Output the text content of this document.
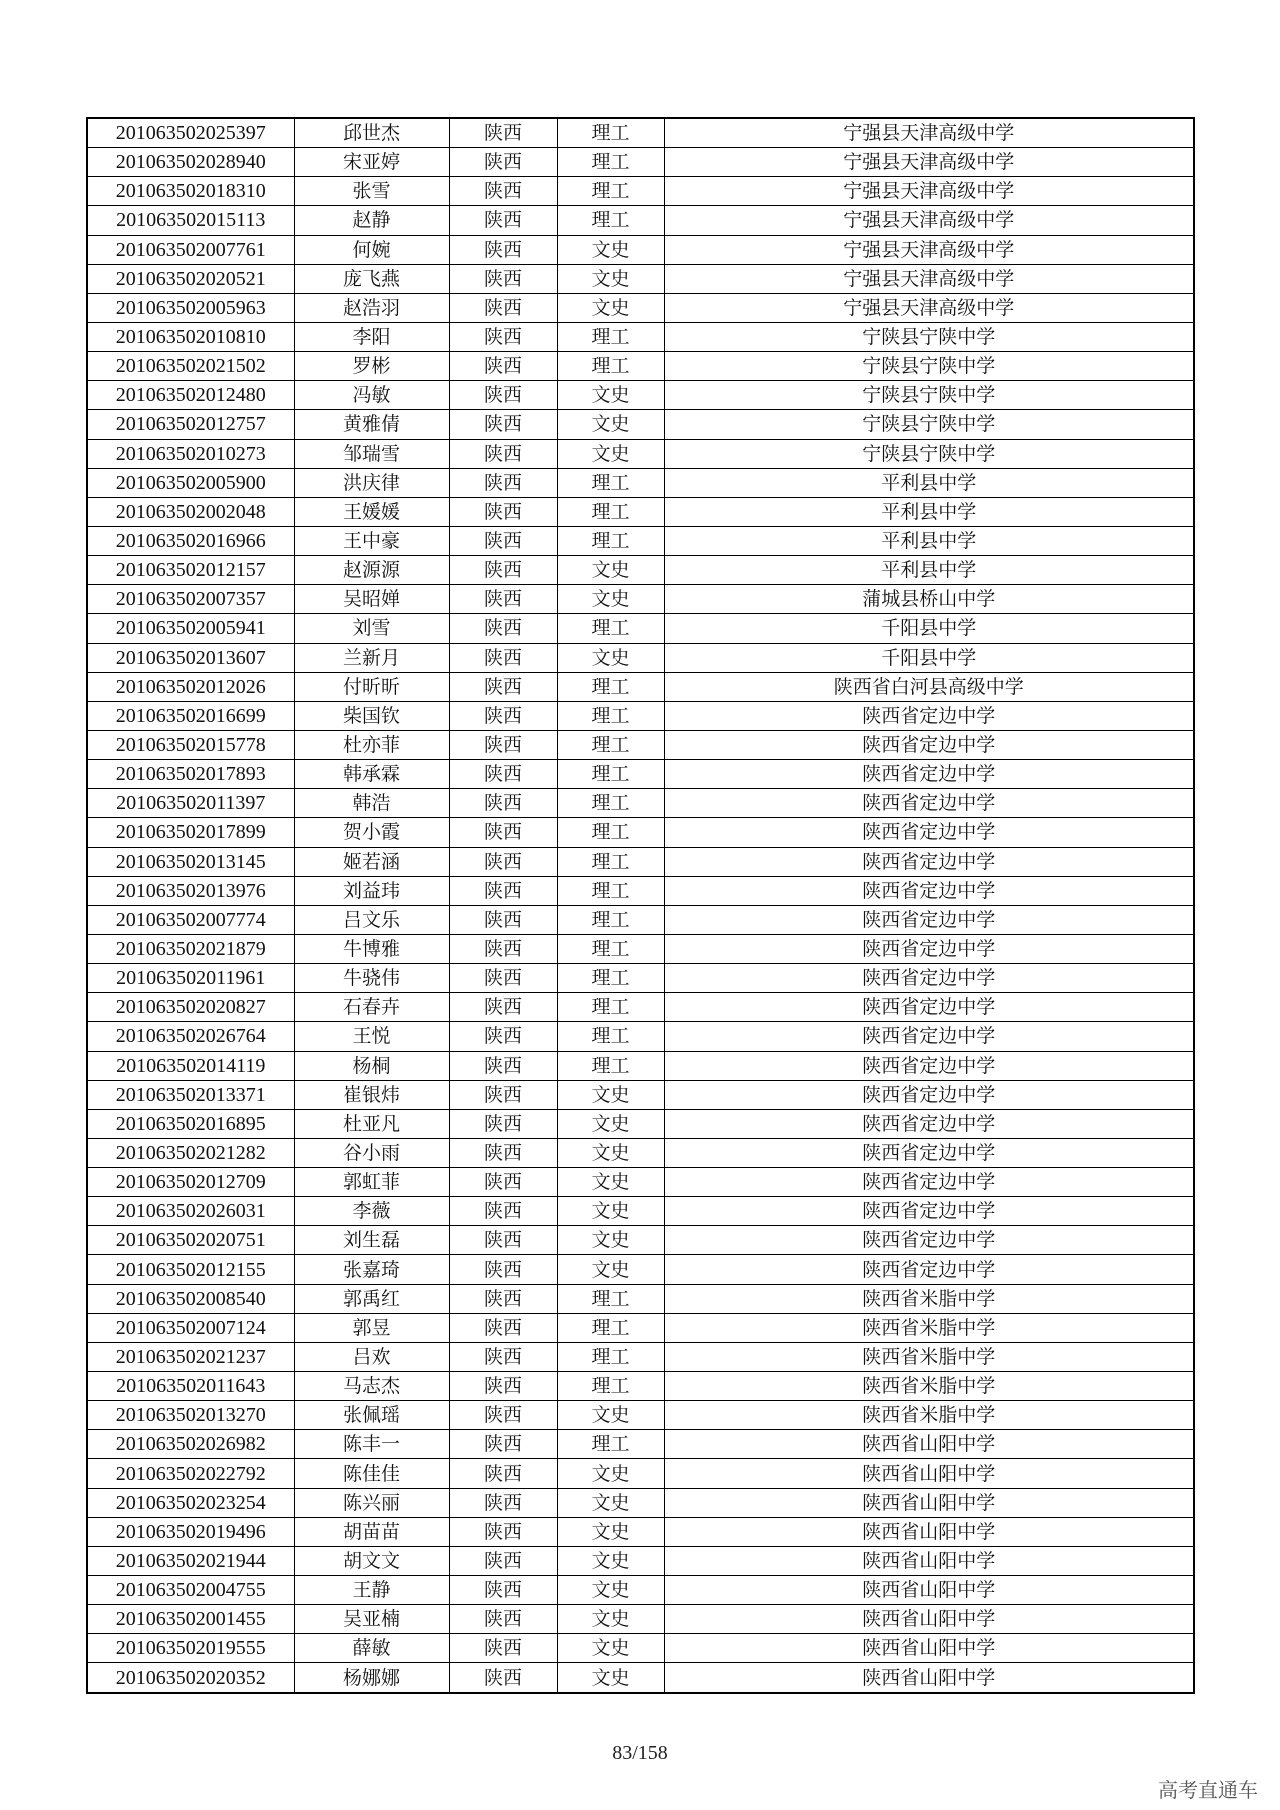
201063502025397	邱世杰	陕西	理工	宁强县天津高级中学
201063502028940	宋亚婷	陕西	理工	宁强县天津高级中学
201063502018310	张雪	陕西	理工	宁强县天津高级中学
201063502015113	赵静	陕西	理工	宁强县天津高级中学
201063502007761	何婉	陕西	文史	宁强县天津高级中学
201063502020521	庞飞燕	陕西	文史	宁强县天津高级中学
201063502005963	赵浩羽	陕西	文史	宁强县天津高级中学
201063502010810	李阳	陕西	理工	宁陕县宁陕中学
201063502021502	罗彬	陕西	理工	宁陕县宁陕中学
201063502012480	冯敏	陕西	文史	宁陕县宁陕中学
201063502012757	黄雅倩	陕西	文史	宁陕县宁陕中学
201063502010273	邹瑞雪	陕西	文史	宁陕县宁陕中学
201063502005900	洪庆律	陕西	理工	平利县中学
201063502002048	王媛媛	陕西	理工	平利县中学
201063502016966	王中豪	陕西	理工	平利县中学
201063502012157	赵源源	陕西	文史	平利县中学
201063502007357	吴昭婵	陕西	文史	蒲城县桥山中学
201063502005941	刘雪	陕西	理工	千阳县中学
201063502013607	兰新月	陕西	文史	千阳县中学
201063502012026	付昕昕	陕西	理工	陕西省白河县高级中学
201063502016699	柴国钦	陕西	理工	陕西省定边中学
201063502015778	杜亦菲	陕西	理工	陕西省定边中学
201063502017893	韩承霖	陕西	理工	陕西省定边中学
201063502011397	韩浩	陕西	理工	陕西省定边中学
201063502017899	贺小霞	陕西	理工	陕西省定边中学
201063502013145	姬若涵	陕西	理工	陕西省定边中学
201063502013976	刘益玮	陕西	理工	陕西省定边中学
201063502007774	吕文乐	陕西	理工	陕西省定边中学
201063502021879	牛博雅	陕西	理工	陕西省定边中学
201063502011961	牛骁伟	陕西	理工	陕西省定边中学
201063502020827	石春卉	陕西	理工	陕西省定边中学
201063502026764	王悦	陕西	理工	陕西省定边中学
201063502014119	杨桐	陕西	理工	陕西省定边中学
201063502013371	崔银炜	陕西	文史	陕西省定边中学
201063502016895	杜亚凡	陕西	文史	陕西省定边中学
201063502021282	谷小雨	陕西	文史	陕西省定边中学
201063502012709	郭虹菲	陕西	文史	陕西省定边中学
201063502026031	李薇	陕西	文史	陕西省定边中学
201063502020751	刘生磊	陕西	文史	陕西省定边中学
201063502012155	张嘉琦	陕西	文史	陕西省定边中学
201063502008540	郭禹红	陕西	理工	陕西省米脂中学
201063502007124	郭昱	陕西	理工	陕西省米脂中学
201063502021237	吕欢	陕西	理工	陕西省米脂中学
201063502011643	马志杰	陕西	理工	陕西省米脂中学
201063502013270	张佩瑶	陕西	文史	陕西省米脂中学
201063502026982	陈丰一	陕西	理工	陕西省山阳中学
201063502022792	陈佳佳	陕西	文史	陕西省山阳中学
201063502023254	陈兴丽	陕西	文史	陕西省山阳中学
201063502019496	胡苗苗	陕西	文史	陕西省山阳中学
201063502021944	胡文文	陕西	文史	陕西省山阳中学
201063502004755	王静	陕西	文史	陕西省山阳中学
201063502001455	吴亚楠	陕西	文史	陕西省山阳中学
201063502019555	薛敏	陕西	文史	陕西省山阳中学
201063502020352	杨娜娜	陕西	文史	陕西省山阳中学
83/158
高考直通车
